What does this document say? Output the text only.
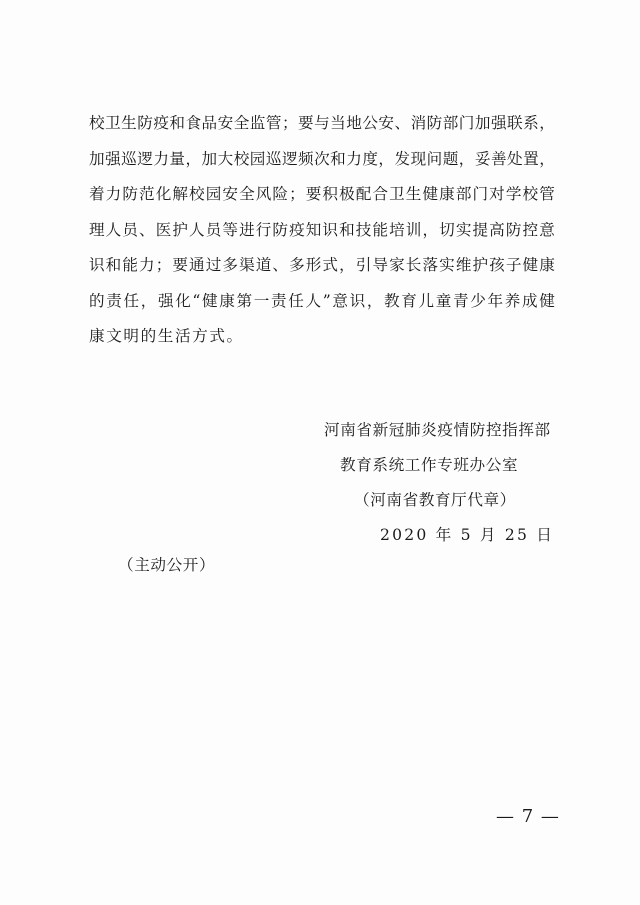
校卫生防疫和食品安全监管；要与当地公安、消防部门加强联系，
加强巡逻力量，加大校园巡逻频次和力度，发现问题，妥善处置，
着力防范化解校园安全风险；要积极配合卫生健康部门对学校管
理人员、医护人员等进行防疫知识和技能培训，切实提高防控意
识和能力；要通过多渠道、多形式，引导家长落实维护孩子健康
的责任，强化“健康第一责任人”意识，教育儿童青少年养成健
康文明的生活方式。
河南省新冠肺炎疫情防控指挥部
教育系统工作专班办公室
（河南省教育厅代章）
2020 年 5 月 25 日
（主动公开）
— 7 —
